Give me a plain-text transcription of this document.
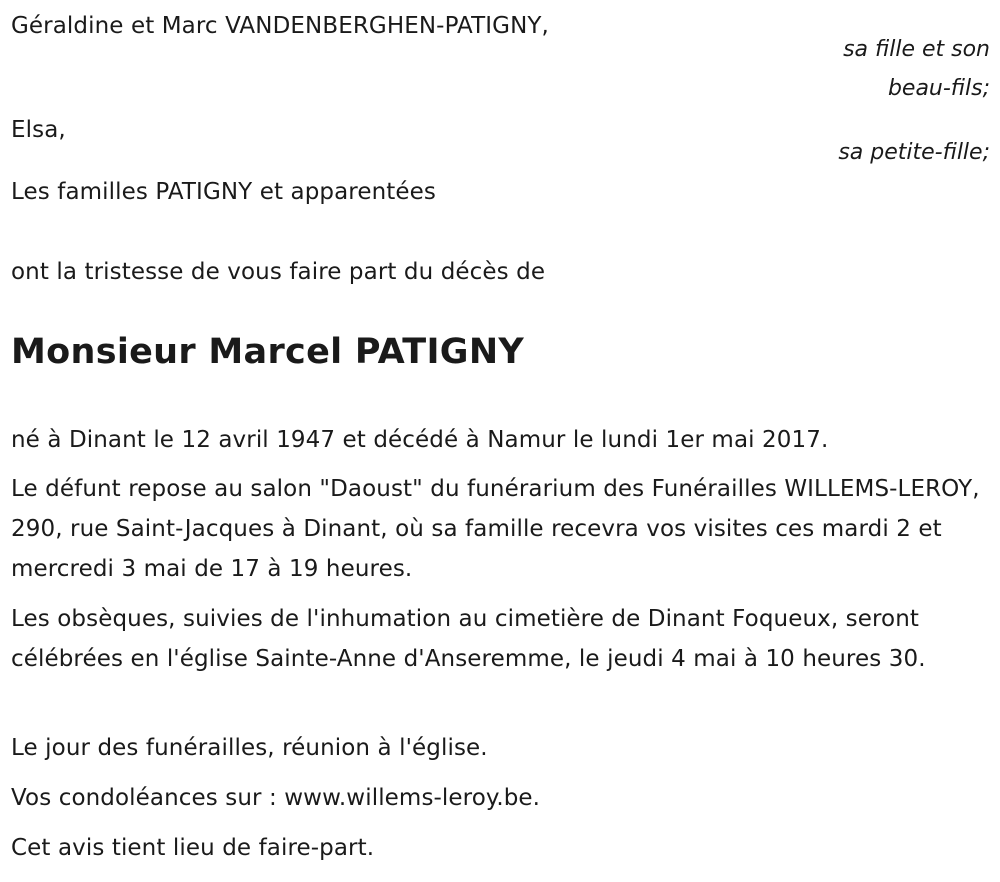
Géraldine et Marc VANDENBERGHEN-PATIGNY,
sa fille et son
beau-fils;
Elsa,
sa petite-fille;
Les familles PATIGNY et apparentées
ont la tristesse de vous faire part du décès de
Monsieur Marcel PATIGNY
né à Dinant le 12 avril 1947 et décédé à Namur le lundi 1er mai 2017.
Le défunt repose au salon "Daoust" du funérarium des Funérailles WILLEMS-LEROY, 290, rue Saint-Jacques à Dinant, où sa famille recevra vos visites ces mardi 2 et mercredi 3 mai de 17 à 19 heures.
Les obsèques, suivies de l'inhumation au cimetière de Dinant Foqueux, seront célébrées en l'église Sainte-Anne d'Anseremme, le jeudi 4 mai à 10 heures 30.
Le jour des funérailles, réunion à l'église.
Vos condoléances sur : www.willems-leroy.be.
Cet avis tient lieu de faire-part.
